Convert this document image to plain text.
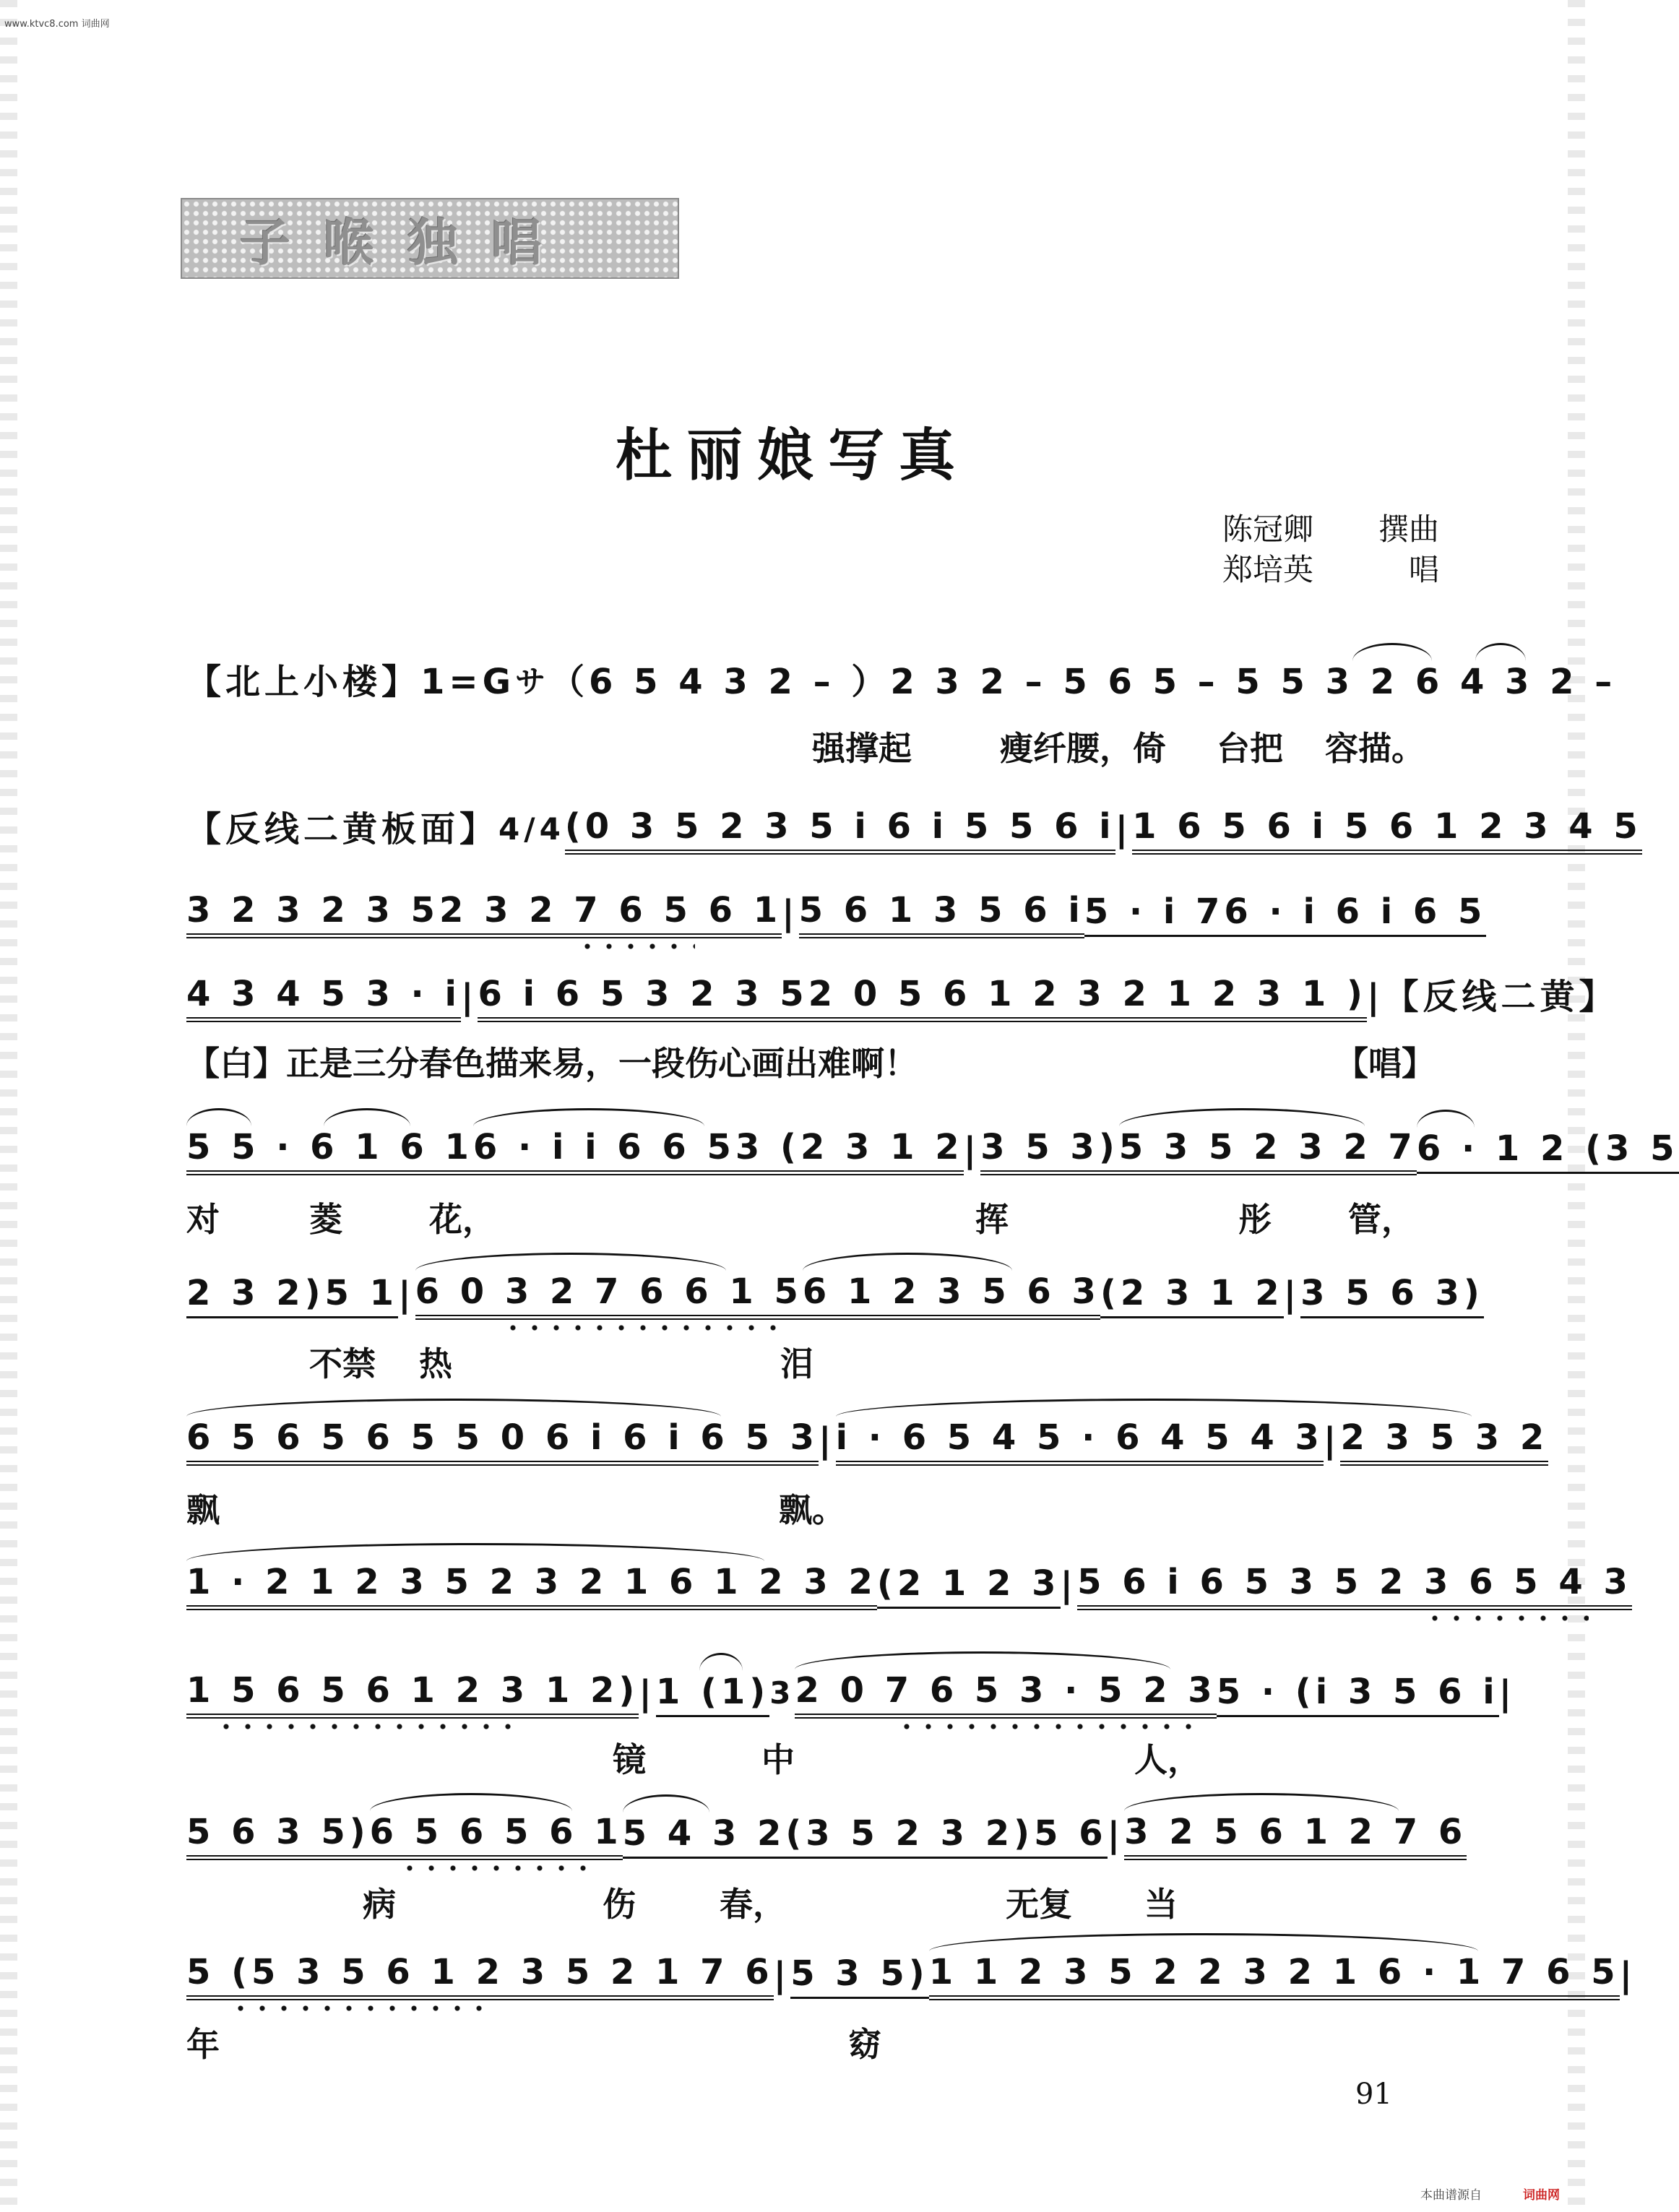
www.ktvc8.com 词曲网
子喉独唱
杜丽娘写真
陈冠卿 撰曲
郑培英	唱
【北上小楼】 1=G サ （6 5 4 3 2 – ） 2 3 2 – 5 6 5 – 5 5 3 2 6 4 3 2 –
强撑起	瘦纤腰，倚 台把 容描。
【反线二黄板面】 4/4 (0 3 5 2 3 5 i 6 i 5 5 6 i | 1 6 5 6 i 5 6 1 2 3 4 5
3 2 3 2 3 5 2 3 2 7 6 5 6 1 | 5 6 1 3 5 6 i 5 · i 7 6 · i 6 i 6 5
4 3 4 5 3 · i | 6 i 6 5 3 2 3 5 2 0 5 6 1 2 3 2 1 2 3 1 ) | 【反线二黄】
【白】正是三分春色描来易，一段伤心画出难啊！	【唱】
5 5 · 6 1 6 1 6 · i i 6 6 5 3 (2 3 1 2 | 3 5 3) 5 3 5 2 3 2 7 6 · 1 2 (3 5
对	菱	花，	挥	彤 管，
2 3 2)5 1 | 6 0 3 2 7 6 6 1 5 6 1 2 3 5 6 3 (2 3 1 2 | 3 5 6 3)
不禁 热	泪
6 5 6 5 6 5 5 0 6 i 6 i 6 5 3 | i · 6 5 4 5 · 6 4 5 4 3 | 2 3 5 3 2
飘	飘。
1 · 2 1 2 3 5 2 3 2 1 6 1 2 3 2 (2 1 2 3 | 5 6 i 6 5 3 5 2 3 6 5 4 3
1 5 6 5 6 1 2 3 1 2) | 1 (1) 3 2 0 7 6 5 3 · 5 2 3 5 · (i 3 5 6 i |
镜	中	人，
5 6 3 5) 6 5 6 5 6 1 5 4 3 2 (3 5 2 3 2) 5 6 | 3 2 5 6 1 2 7 6
病	伤	春，	无复 当
5 (5 3 5 6 1 2 3 5 2 1 7 6 | 5 3 5) 1 1 2 3 5 2 2 3 2 1 6 · 1 7 6 5 |
年	窈
91
本曲谱源自	词曲网
